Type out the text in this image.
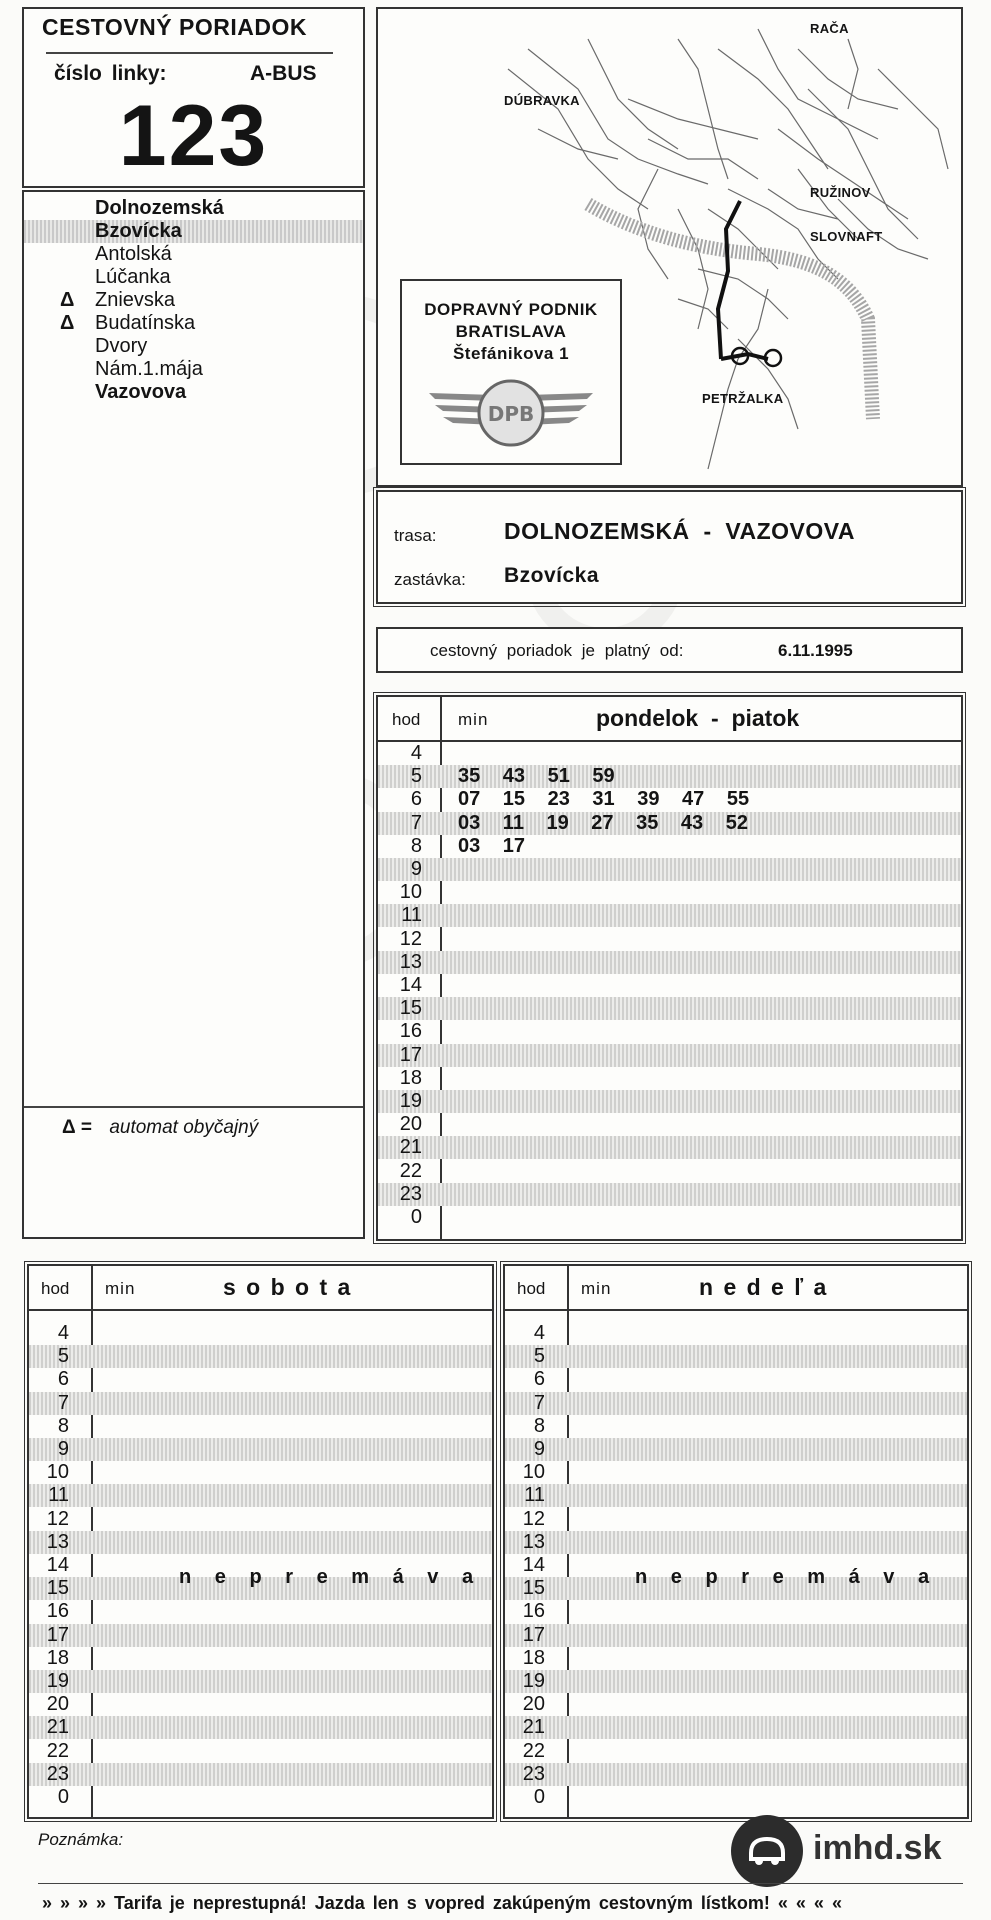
CESTOVNÝ PORIADOK
číslo linky:	A-BUS
123
Dolnozemská
Bzovícka
Antolská
Lúčanka
Δ Znievska
Δ Budatínska
Dvory
Nám.1.mája
Vazovova
Δ = automat obyčajný
RAČA
DÚBRAVKA
RUŽINOV
SLOVNAFT
PETRŽALKA
DOPRAVNÝ PODNIK
BRATISLAVA
Štefánikova 1
DPB
trasa:	DOLNOZEMSKÁ  -  VAZOVOVA
zastávka: Bzovícka
cestovný poriadok je platný od:	6.11.1995
hod min	pondelok  -  piatok
4
5 35 43 51 59
6 07 15 23 31 39 47 55
7 03 11 19 27 35 43 52
8 03 17
9
10
11
12
13
14
15
16
17
18
19
20
21
22
23
0
hod min	s o b o t a
4
5
6
7
8
9
10
11
12
13
14
15
16
17
18
19
20
21
22
23
0
n e p r e m á v a
hod min	n e d e ľ a
4
5
6
7
8
9
10
11
12
13
14
15
16
17
18
19
20
21
22
23
0
n e p r e m á v a
Poznámka:	imhd.sk
» » » » Tarifa je neprestupná! Jazda len s vopred zakúpeným cestovným lístkom! « « « «
